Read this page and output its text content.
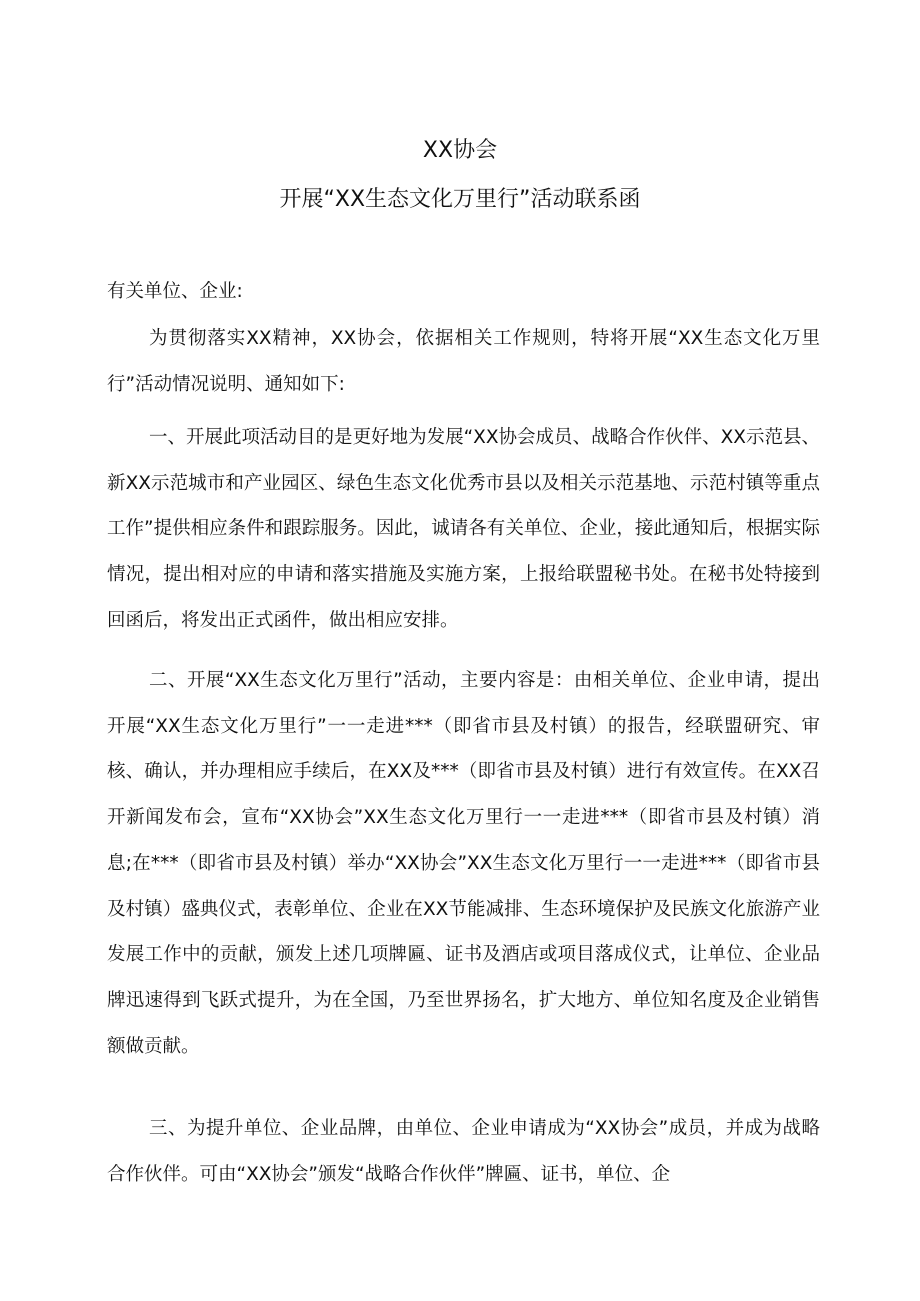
XX协会
开展“XX生态文化万里行”活动联系函

有关单位、企业:

为贯彻落实XX精神，XX协会，依据相关工作规则，特将开展“XX生态文化万里行”活动情况说明、通知如下:

一、开展此项活动目的是更好地为发展“XX协会成员、战略合作伙伴、XX示范县、新XX示范城市和产业园区、绿色生态文化优秀市县以及相关示范基地、示范村镇等重点工作”提供相应条件和跟踪服务。因此，诚请各有关单位、企业，接此通知后，根据实际情况，提出相对应的申请和落实措施及实施方案，上报给联盟秘书处。在秘书处特接到回函后，将发出正式函件，做出相应安排。

二、开展“XX生态文化万里行”活动，主要内容是：由相关单位、企业申请，提出开展“XX生态文化万里行”一一走进***（即省市县及村镇）的报告，经联盟研究、审核、确认，并办理相应手续后，在XX及***（即省市县及村镇）进行有效宣传。在XX召开新闻发布会，宣布“XX协会”XX生态文化万里行一一走进***（即省市县及村镇）消息;在***（即省市县及村镇）举办“XX协会”XX生态文化万里行一一走进***（即省市县及村镇）盛典仪式，表彰单位、企业在XX节能减排、生态环境保护及民族文化旅游产业发展工作中的贡献，颁发上述几项牌匾、证书及酒店或项目落成仪式，让单位、企业品牌迅速得到飞跃式提升，为在全国，乃至世界扬名，扩大地方、单位知名度及企业销售额做贡献。

三、为提升单位、企业品牌，由单位、企业申请成为“XX协会”成员，并成为战略合作伙伴。可由“XX协会”颁发“战略合作伙伴”牌匾、证书，单位、企
